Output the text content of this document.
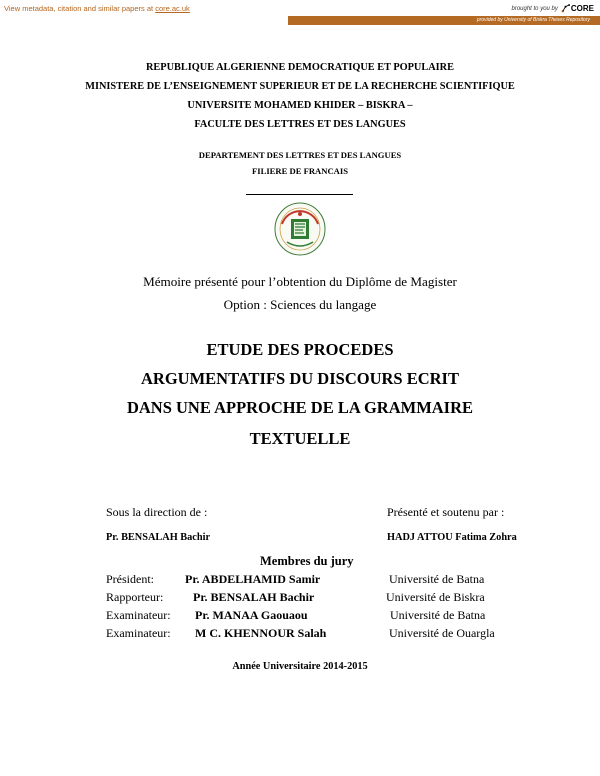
View metadata, citation and similar papers at core.ac.uk	brought to you by CORE
provided by University of Biskra Theses Repository
REPUBLIQUE ALGERIENNE DEMOCRATIQUE ET POPULAIRE
MINISTERE DE L’ENSEIGNEMENT SUPERIEUR ET DE LA RECHERCHE SCIENTIFIQUE
UNIVERSITE MOHAMED KHIDER – BISKRA –
FACULTE DES LETTRES ET DES LANGUES
DEPARTEMENT DES LETTRES ET DES LANGUES
FILIERE DE FRANCAIS
Mémoire présenté pour l’obtention du Diplôme de Magister
Option : Sciences du langage
ETUDE DES PROCEDES
ARGUMENTATIFS DU DISCOURS ECRIT
DANS UNE APPROCHE DE LA GRAMMAIRE
TEXTUELLE
Sous la direction de :	Présenté et soutenu par :
Pr. BENSALAH Bachir	HADJ ATTOU Fatima Zohra
Membres du jury
Président:	Pr. ABDELHAMID Samir	Université de Batna
Rapporteur: Pr. BENSALAH Bachir	Université de Biskra
Examinateur: Pr. MANAA Gaouaou	Université de Batna
Examinateur: M C. KHENNOUR Salah	Université de Ouargla
Année Universitaire 2014-2015
